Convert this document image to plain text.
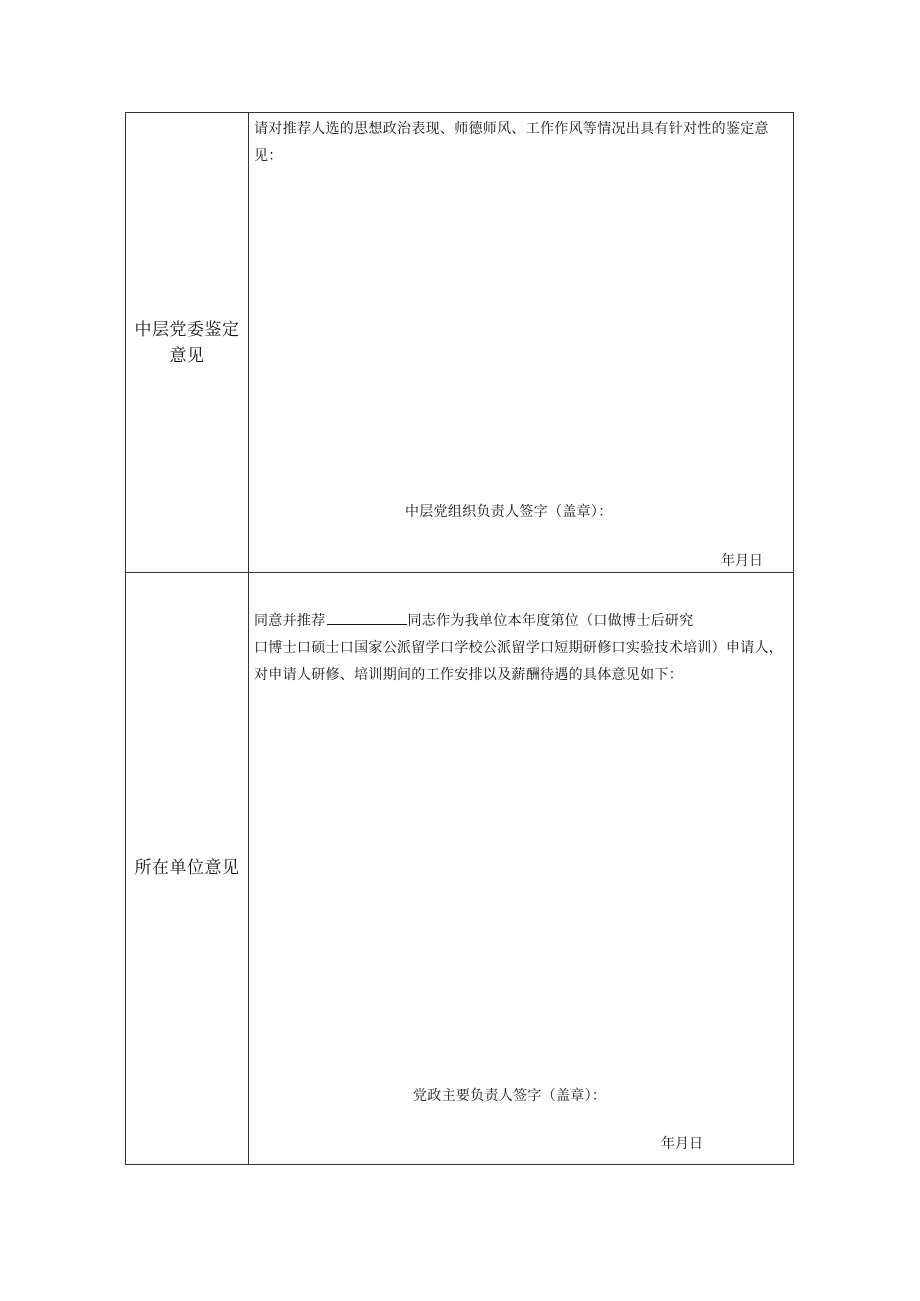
中层党委鉴定意见
请对推荐人选的思想政治表现、师德师风、工作作风等情况出具有针对性的鉴定意见：
中层党组织负责人签字（盖章）：
年月日
所在单位意见
同意并推荐	同志作为我单位本年度第位（口做博士后研究
口博士口硕士口国家公派留学口学校公派留学口短期研修口实验技术培训）申请人，对申请人研修、培训期间的工作安排以及薪酬待遇的具体意见如下：
党政主要负责人签字（盖章）：
年月日
